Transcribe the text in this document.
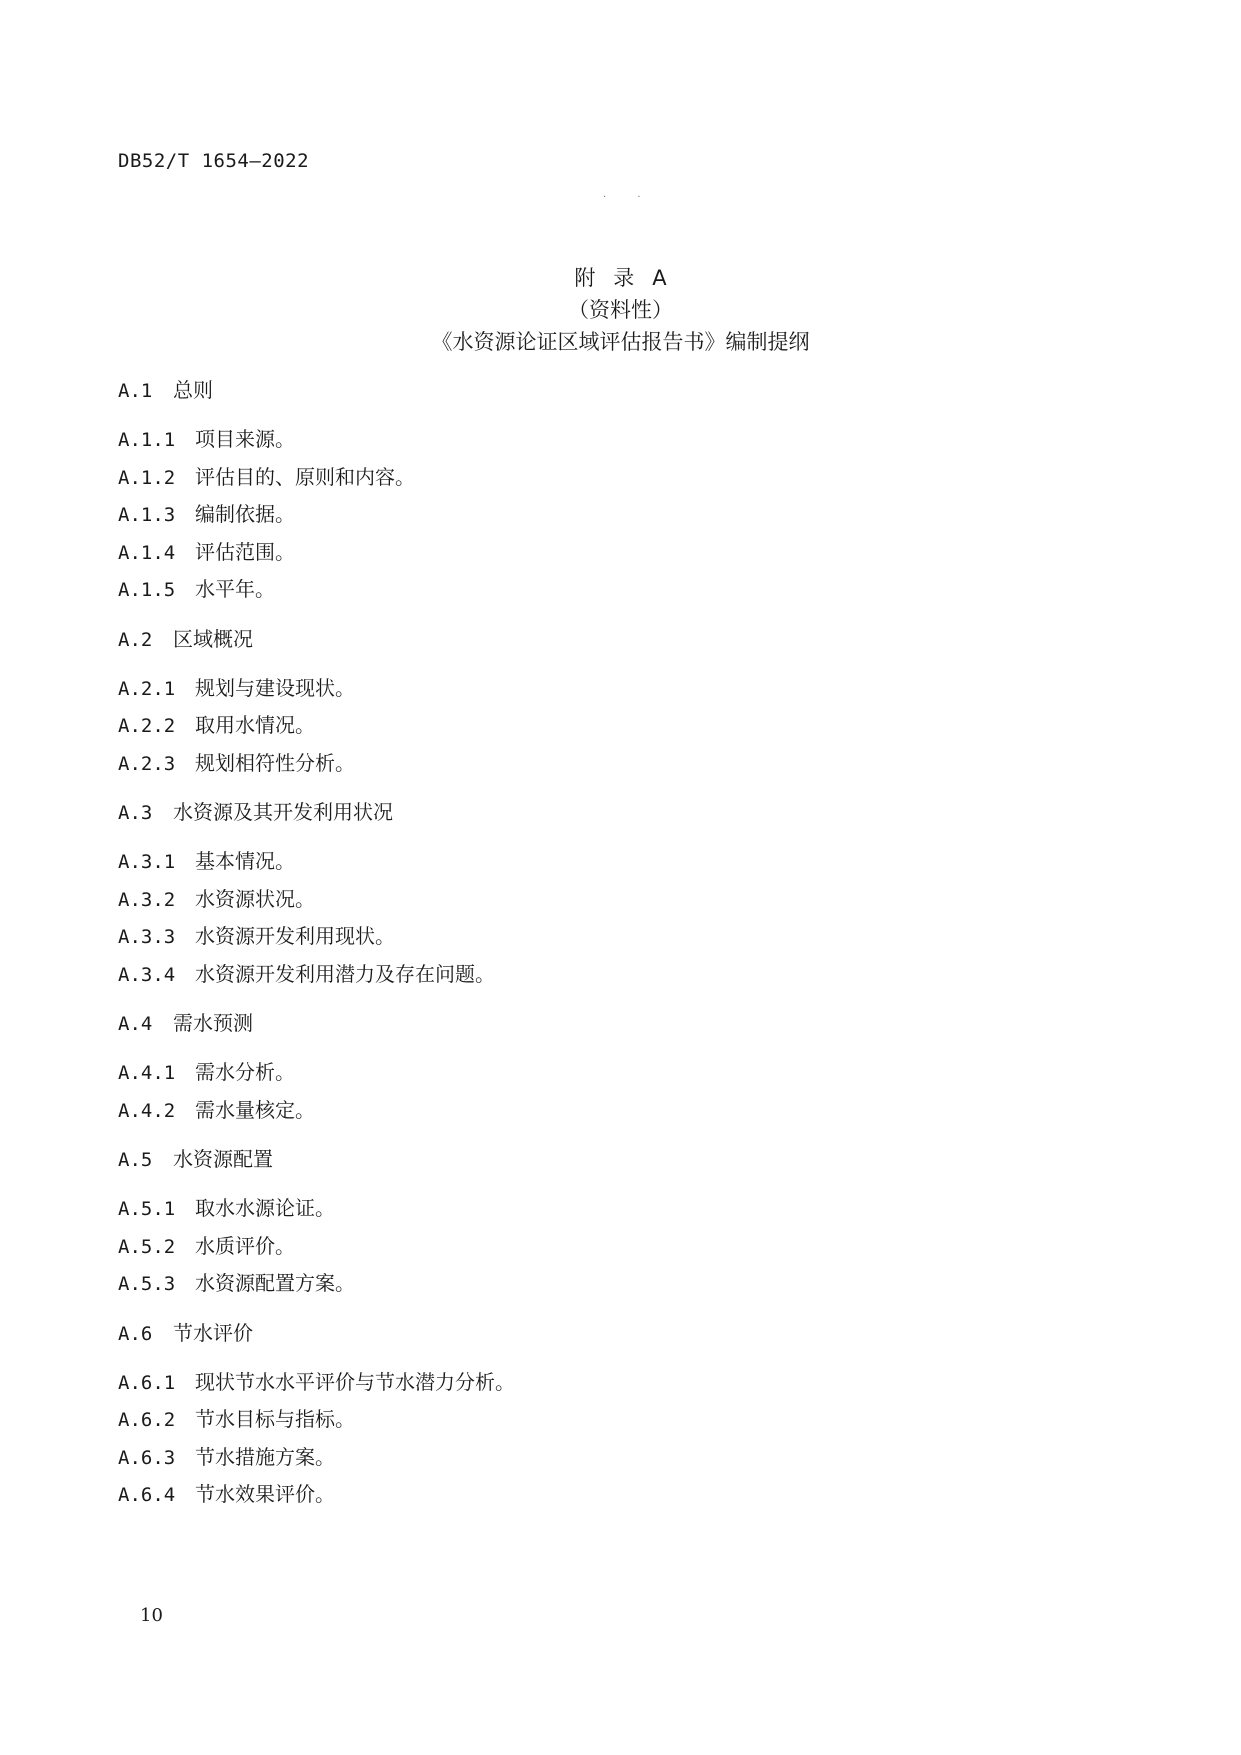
DB52/T 1654—2022
· ·
附录A
（资料性）
《水资源论证区域评估报告书》编制提纲
A.1 总则
A.1.1 项目来源。
A.1.2 评估目的、原则和内容。
A.1.3 编制依据。
A.1.4 评估范围。
A.1.5 水平年。
A.2 区域概况
A.2.1 规划与建设现状。
A.2.2 取用水情况。
A.2.3 规划相符性分析。
A.3 水资源及其开发利用状况
A.3.1 基本情况。
A.3.2 水资源状况。
A.3.3 水资源开发利用现状。
A.3.4 水资源开发利用潜力及存在问题。
A.4 需水预测
A.4.1 需水分析。
A.4.2 需水量核定。
A.5 水资源配置
A.5.1 取水水源论证。
A.5.2 水质评价。
A.5.3 水资源配置方案。
A.6 节水评价
A.6.1 现状节水水平评价与节水潜力分析。
A.6.2 节水目标与指标。
A.6.3 节水措施方案。
A.6.4 节水效果评价。
10
